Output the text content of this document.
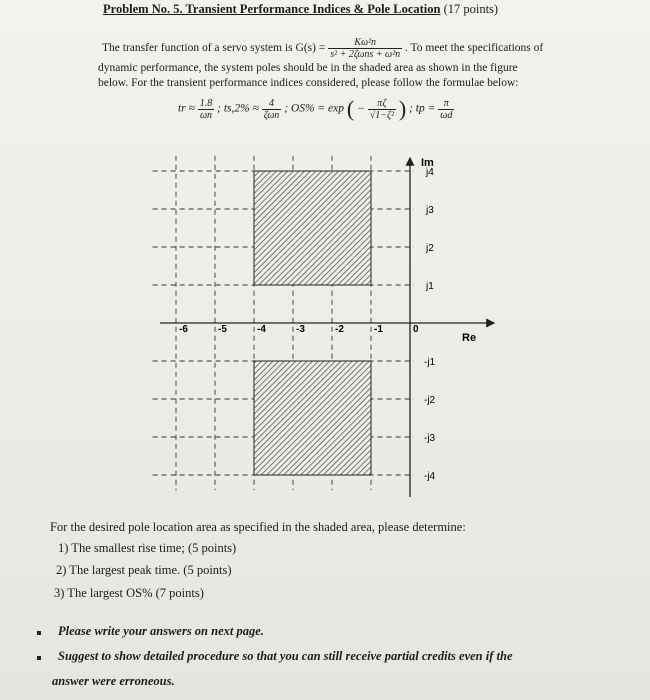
Problem No. 5. Transient Performance Indices & Pole Location (17 points)
The transfer function of a servo system is $G(s) = \frac{\text{Kω²n}}{\text{s² + 2ζωns + ω²n}}$ . To meet the specifications of
dynamic performance, the system poles should be in the shaded area as shown in the figure
below. For the transient performance indices considered, please follow the formulae below:
tr ≈ $\frac{1.8}{\omega n}$ ; $ts,2\% \approx \frac{4}{\text{ζωn}}$ ; OS% = exp ( − $\frac{\pi\zeta}{\text{√1−ζ²}}$ ) ; tp = $\frac{\pi}{\omega d}$
Im
Re
-6	-5	-4	-3	-2	-1	0
j4
j3
j2
j1
-j1
-j2
-j3
-j4
For the desired pole location area as specified in the shaded area, please determine:
1) The smallest rise time; (5 points)
2) The largest peak time. (5 points)
3) The largest OS% (7 points)
Please write your answers on next page.
Suggest to show detailed procedure so that you can still receive partial credits even if the
answer were erroneous.
